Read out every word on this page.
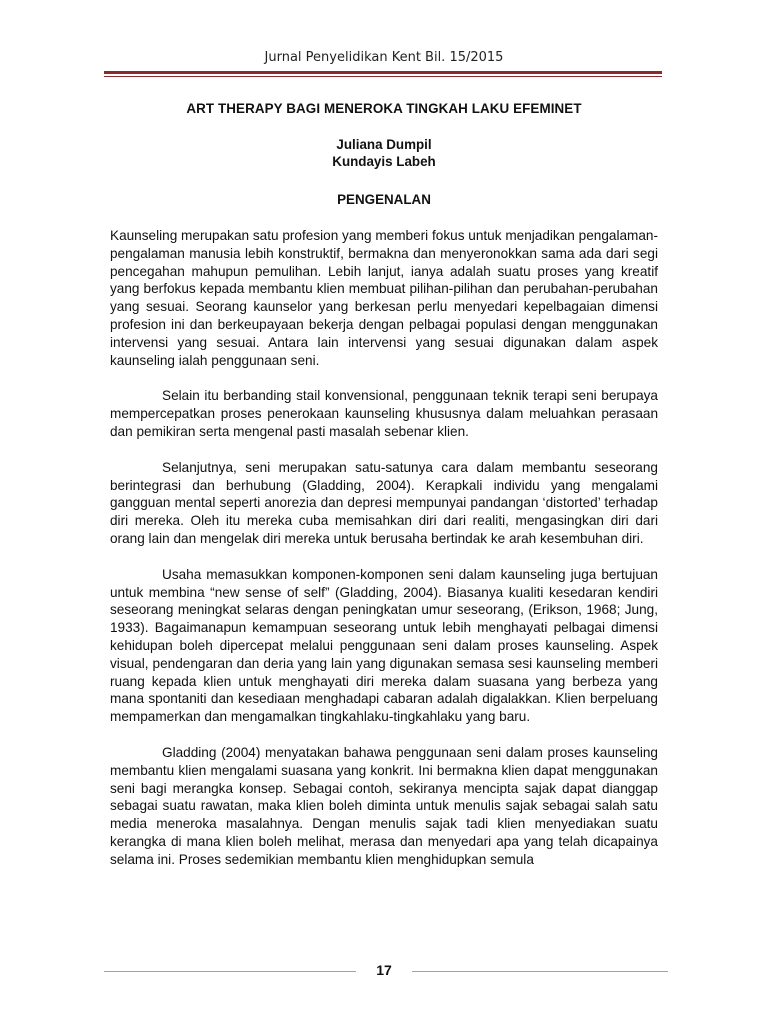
Jurnal Penyelidikan Kent Bil. 15/2015
ART THERAPY BAGI MENEROKA TINGKAH LAKU EFEMINET
Juliana Dumpil
Kundayis Labeh
PENGENALAN

Kaunseling merupakan satu profesion yang memberi fokus untuk menjadikan pengalaman-pengalaman manusia lebih konstruktif, bermakna dan menyeronokkan sama ada dari segi pencegahan mahupun pemulihan. Lebih lanjut, ianya adalah suatu proses yang kreatif yang berfokus kepada membantu klien membuat pilihan-pilihan dan perubahan-perubahan yang sesuai. Seorang kaunselor yang berkesan perlu menyedari kepelbagaian dimensi profesion ini dan berkeupayaan bekerja dengan pelbagai populasi dengan menggunakan intervensi yang sesuai. Antara lain intervensi yang sesuai digunakan dalam aspek kaunseling ialah penggunaan seni.

Selain itu berbanding stail konvensional, penggunaan teknik terapi seni berupaya mempercepatkan proses penerokaan kaunseling khususnya dalam meluahkan perasaan dan pemikiran serta mengenal pasti masalah sebenar klien.

Selanjutnya, seni merupakan satu-satunya cara dalam membantu seseorang berintegrasi dan berhubung (Gladding, 2004). Kerapkali individu yang mengalami gangguan mental seperti anorezia dan depresi mempunyai pandangan ‘distorted’ terhadap diri mereka. Oleh itu mereka cuba memisahkan diri dari realiti, mengasingkan diri dari orang lain dan mengelak diri mereka untuk berusaha bertindak ke arah kesembuhan diri.

Usaha memasukkan komponen-komponen seni dalam kaunseling juga bertujuan untuk membina “new sense of self” (Gladding, 2004). Biasanya kualiti kesedaran kendiri seseorang meningkat selaras dengan peningkatan umur seseorang, (Erikson, 1968; Jung, 1933). Bagaimanapun kemampuan seseorang untuk lebih menghayati pelbagai dimensi kehidupan boleh dipercepat melalui penggunaan seni dalam proses kaunseling. Aspek visual, pendengaran dan deria yang lain yang digunakan semasa sesi kaunseling memberi ruang kepada klien untuk menghayati diri mereka dalam suasana yang berbeza yang mana spontaniti dan kesediaan menghadapi cabaran adalah digalakkan. Klien berpeluang mempamerkan dan mengamalkan tingkahlaku-tingkahlaku yang baru.

Gladding (2004) menyatakan bahawa penggunaan seni dalam proses kaunseling membantu klien mengalami suasana yang konkrit. Ini bermakna klien dapat menggunakan seni bagi merangka konsep. Sebagai contoh, sekiranya mencipta sajak dapat dianggap sebagai suatu rawatan, maka klien boleh diminta untuk menulis sajak sebagai salah satu media meneroka masalahnya. Dengan menulis sajak tadi klien menyediakan suatu kerangka di mana klien boleh melihat, merasa dan menyedari apa yang telah dicapainya selama ini. Proses sedemikian membantu klien menghidupkan semula

17
